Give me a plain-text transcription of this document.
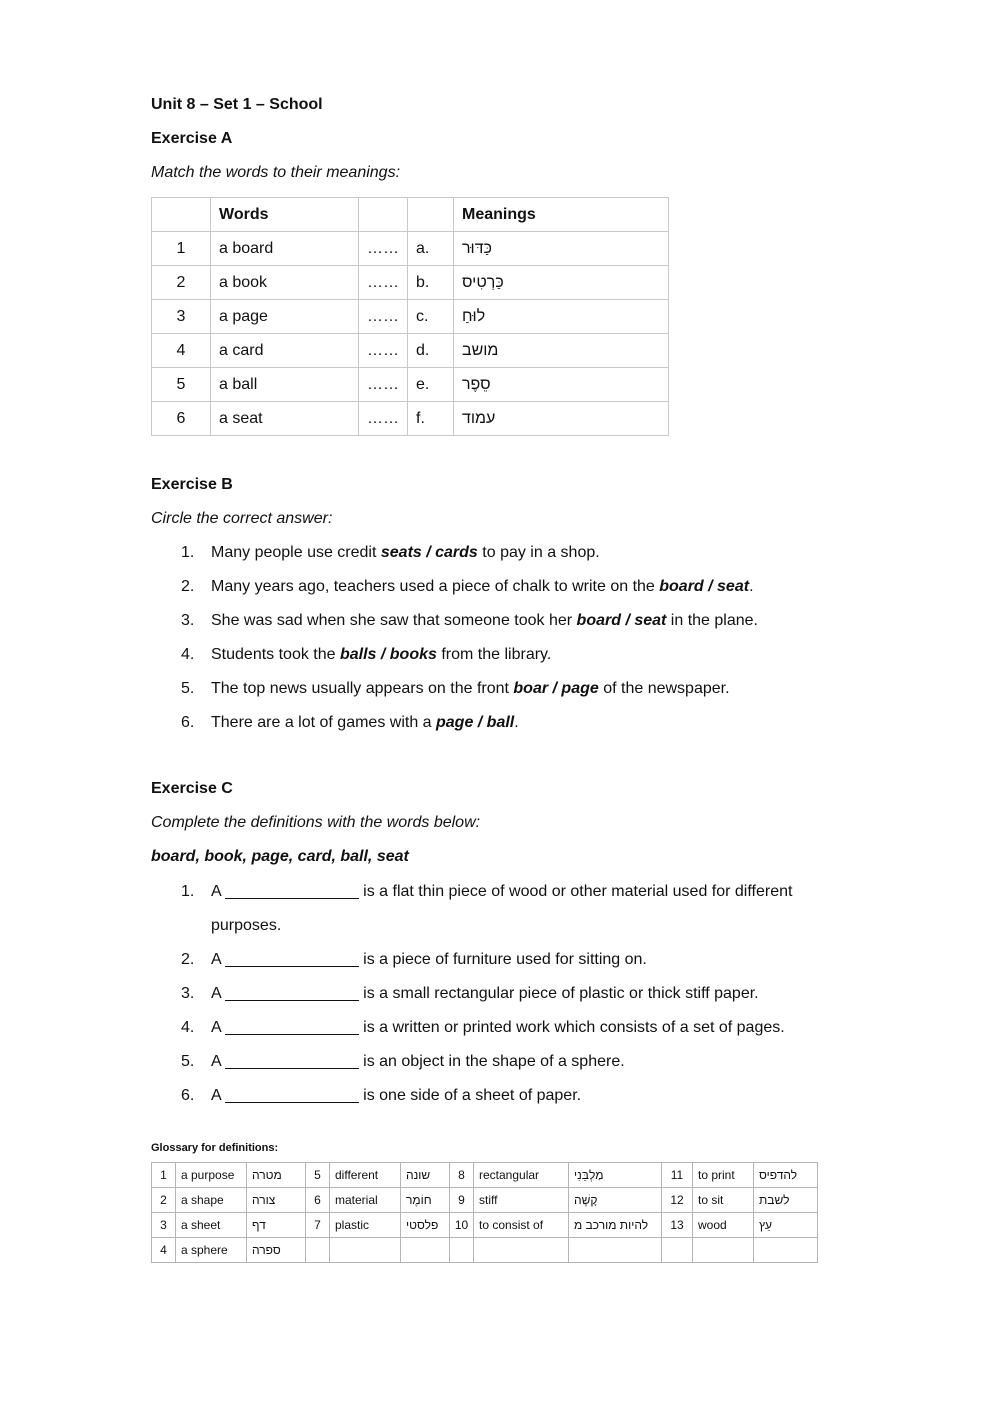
Unit 8 – Set 1 – School
Exercise A
Match the words to their meanings:
	Words			Meanings
1	a board	……	a.	כַּדּוּר
2	a book	……	b.	כַּרְטִיס
3	a page	……	c.	לוּחַ
4	a card	……	d.	מושב
5	a ball	……	e.	סֵפֶר
6	a seat	……	f.	עמוד
Exercise B
Circle the correct answer:
1. Many people use credit seats / cards to pay in a shop.
2. Many years ago, teachers used a piece of chalk to write on the board / seat.
3. She was sad when she saw that someone took her board / seat in the plane.
4. Students took the balls / books from the library.
5. The top news usually appears on the front boar / page of the newspaper.
6. There are a lot of games with a page / ball.
Exercise C
Complete the definitions with the words below:
board, book, page, card, ball, seat
1. A _______________ is a flat thin piece of wood or other material used for different
purposes.
2. A _______________ is a piece of furniture used for sitting on.
3. A _______________ is a small rectangular piece of plastic or thick stiff paper.
4. A _______________ is a written or printed work which consists of a set of pages.
5. A _______________ is an object in the shape of a sphere.
6. A _______________ is one side of a sheet of paper.
Glossary for definitions:
1	a purpose	מטרה	5	different	שונה	8	rectangular	מַלְבֵּנִי	11	to print	להדפיס
2	a shape	צורה	6	material	חוֹמֶר	9	stiff	קָשֶׁה	12	to sit	לשבת
3	a sheet	דף	7	plastic	פלסטי	10	to consist of	להיות מורכב מ	13	wood	עֵץ
4	a sphere	ספרה									
